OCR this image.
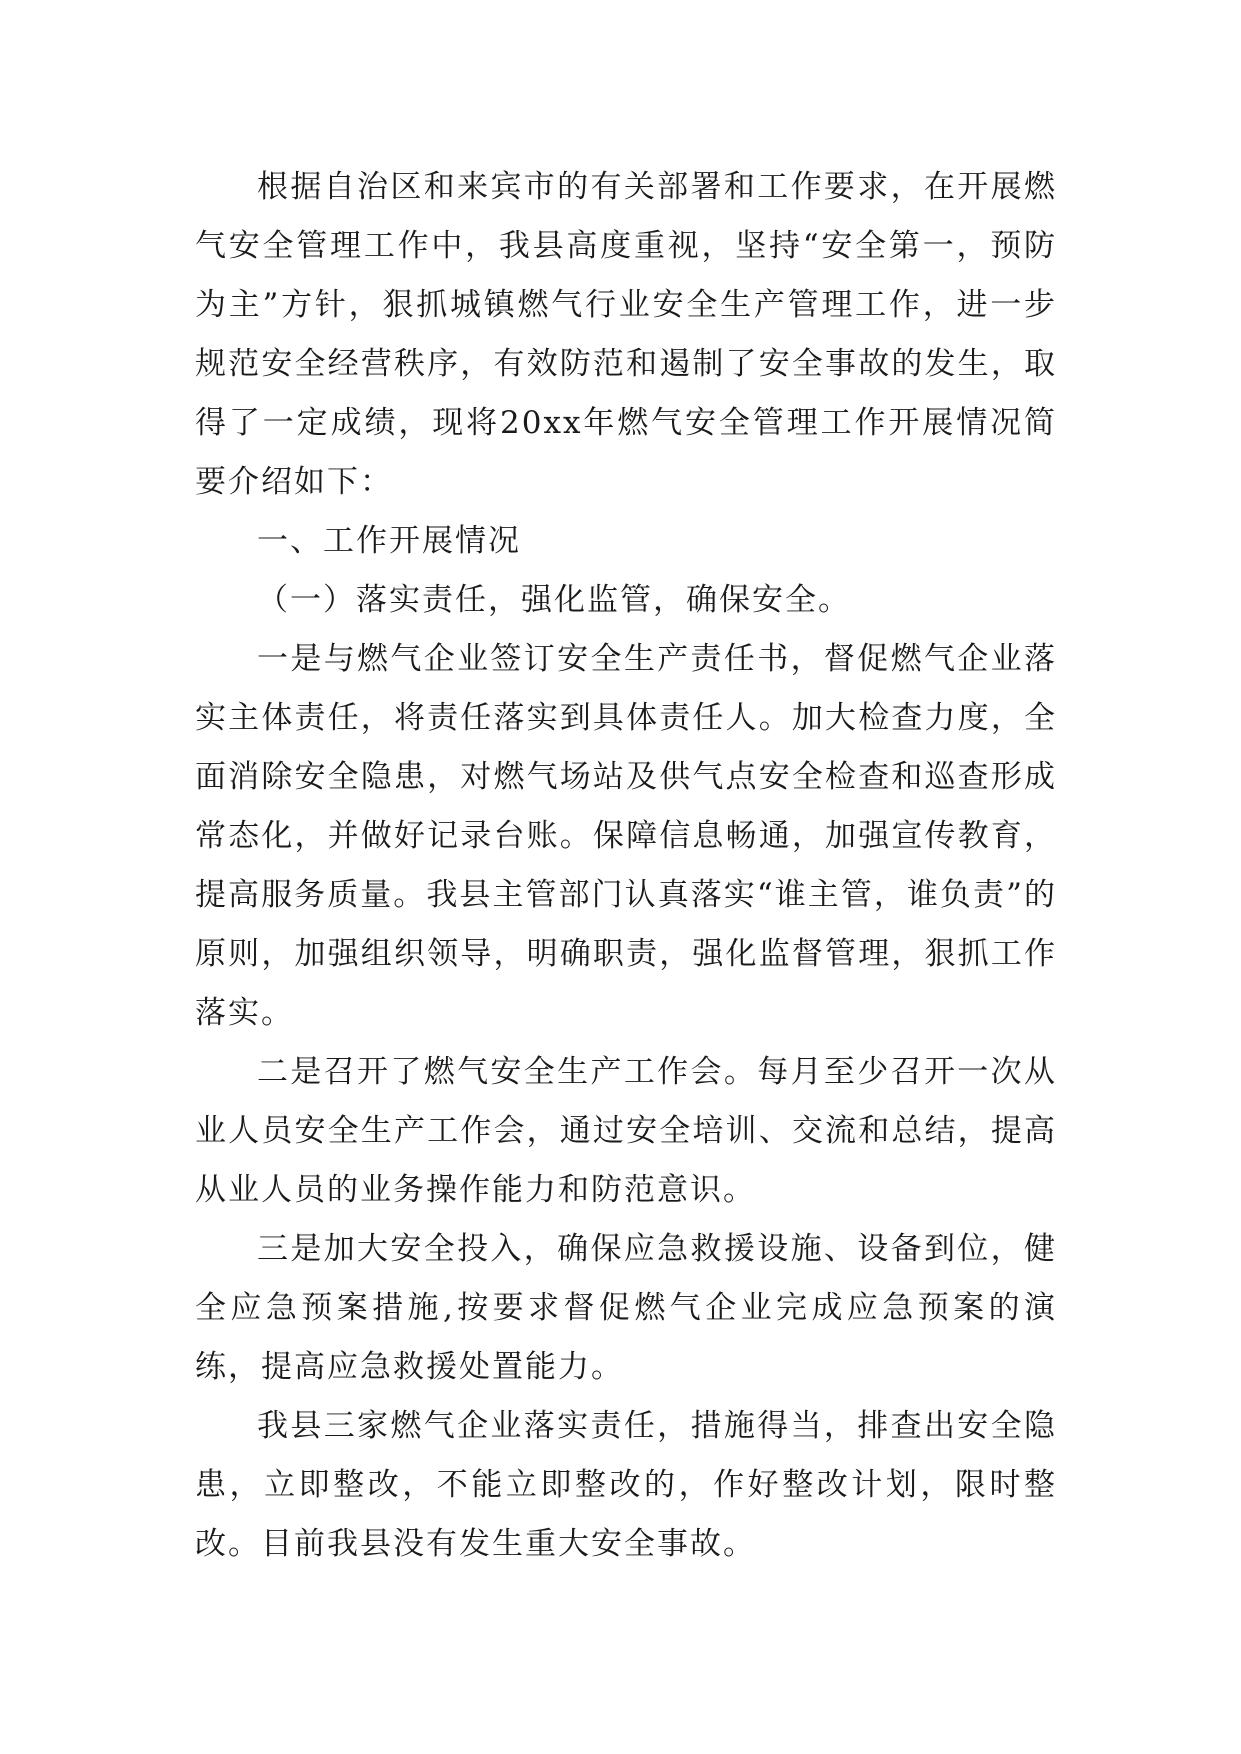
根据自治区和来宾市的有关部署和工作要求，在开展燃气安全管理工作中，我县高度重视，坚持“安全第一，预防为主”方针，狠抓城镇燃气行业安全生产管理工作，进一步规范安全经营秩序，有效防范和遏制了安全事故的发生，取得了一定成绩，现将20xx年燃气安全管理工作开展情况简要介绍如下：

一、工作开展情况

（一）落实责任，强化监管，确保安全。

一是与燃气企业签订安全生产责任书，督促燃气企业落实主体责任，将责任落实到具体责任人。加大检查力度，全面消除安全隐患，对燃气场站及供气点安全检查和巡查形成常态化，并做好记录台账。保障信息畅通，加强宣传教育，提高服务质量。我县主管部门认真落实“谁主管，谁负责”的原则，加强组织领导，明确职责，强化监督管理，狠抓工作落实。

二是召开了燃气安全生产工作会。每月至少召开一次从业人员安全生产工作会，通过安全培训、交流和总结，提高从业人员的业务操作能力和防范意识。

三是加大安全投入，确保应急救援设施、设备到位，健全应急预案措施,按要求督促燃气企业完成应急预案的演练，提高应急救援处置能力。

我县三家燃气企业落实责任，措施得当，排查出安全隐患，立即整改，不能立即整改的，作好整改计划，限时整改。目前我县没有发生重大安全事故。
